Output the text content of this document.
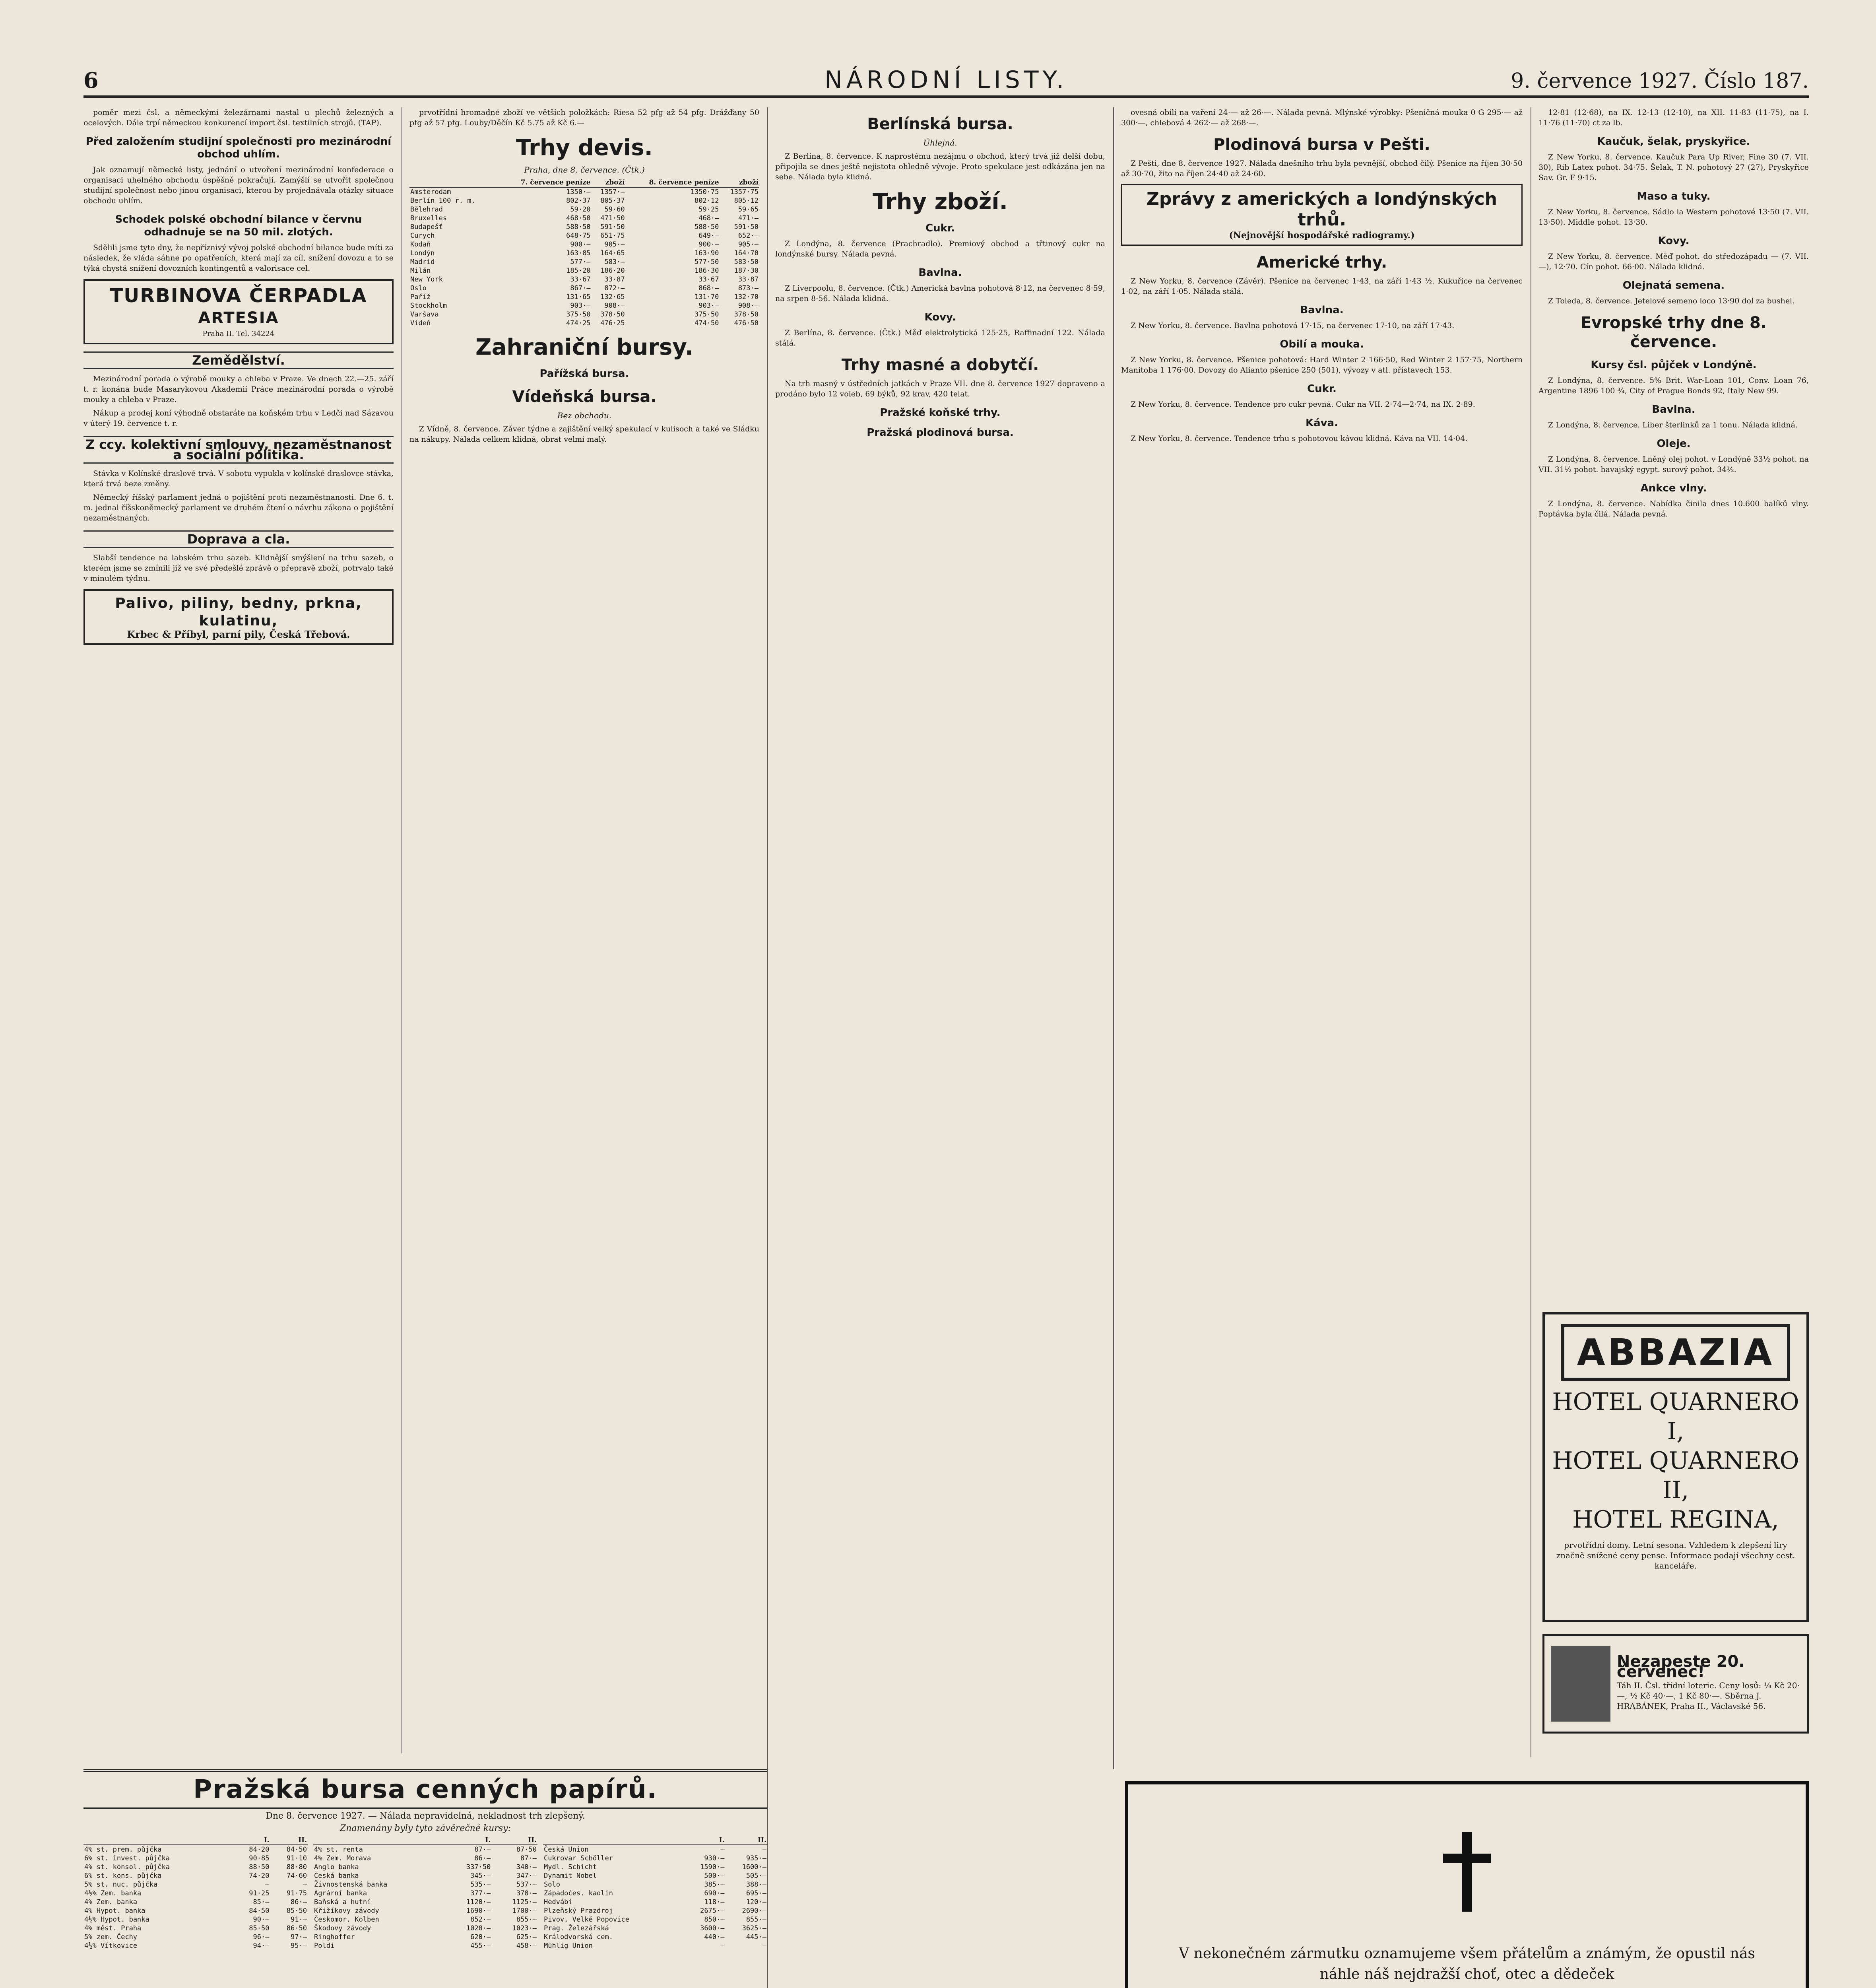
6	NÁRODNÍ LISTY.	9. července 1927. Číslo 187.

poměr mezi čsl. a německými železárnami nastal u plechů železných a ocelových. Dále trpí německou konkurencí import čsl. textilních strojů. (TAP).

Před založením studijní společnosti pro mezinárodní obchod uhlím.

Jak oznamují německé listy, jednání o utvoření mezinárodní konfederace o organisaci uhelného obchodu úspěšně pokračují. Zamýšlí se utvořit společnou studijní společnost nebo jinou organisaci, kterou by projednávala otázky situace obchodu uhlím.

Schodek polské obchodní bilance v červnu odhadnuje se na 50 mil. zlotých.

Sdělili jsme tyto dny, že nepříznivý vývoj polské obchodní bilance bude míti za následek, že vláda sáhne po opatřeních, která mají za cíl, snížení dovozu a to se týká chystá snížení dovozních kontingentů a valorisace cel.

TURBINOVA ČERPADLA
ARTESIA
Praha II. Tel. 34224
Zemědělství.

Mezinárodní porada o výrobě mouky a chleba v Praze. Ve dnech 22.—25. září t. r. konána bude Masarykovou Akademií Práce mezinárodní porada o výrobě mouky a chleba v Praze.

Nákup a prodej koní výhodně obstaráte na koňském trhu v Ledči nad Sázavou v úterý 19. července t. r.

Z ccy. kolektivní smlouvy, nezaměstnanost a sociální politika.

Stávka v Kolínské draslové trvá. V sobotu vypukla v kolínské draslovce stávka, která trvá beze změny.

Německý říšský parlament jedná o pojištění proti nezaměstnanosti. Dne 6. t. m. jednal říšskoněmecký parlament ve druhém čtení o návrhu zákona o pojištění nezaměstnaných.

Doprava a cla.

Slabší tendence na labském trhu sazeb. Klidnější smýšlení na trhu sazeb, o kterém jsme se zmínili již ve své předešlé zprávě o přepravě zboží, potrvalo také v minulém týdnu.

Palivo, piliny, bedny, prkna, kulatinu,
Krbec & Příbyl, parní pily, Česká Třebová.

prvotřídní hromadné zboží ve větších položkách: Riesa 52 pfg až 54 pfg. Drážďany 50 pfg až 57 pfg. Louby/Děčín Kč 5.75 až Kč 6.—

Trhy devis.
Praha, dne 8. července. (Čtk.)
	7. července peníze	zboží	8. července peníze	zboží
Amsterodam	1350·—	1357·—	1350·75	1357·75
Berlín 100 r. m.	802·37	805·37	802·12	805·12
Bělehrad	59·20	59·60	59·25	59·65
Bruxelles	468·50	471·50	468·—	471·—
Budapešť	588·50	591·50	588·50	591·50
Curych	648·75	651·75	649·—	652·—
Kodaň	900·—	905·—	900·—	905·—
Londýn	163·85	164·65	163·90	164·70
Madrid	577·—	583·—	577·50	583·50
Milán	185·20	186·20	186·30	187·30
New York	33·67	33·87	33·67	33·87
Oslo	867·—	872·—	868·—	873·—
Paříž	131·65	132·65	131·70	132·70
Stockholm	903·—	908·—	903·—	908·—
Varšava	375·50	378·50	375·50	378·50
Vídeň	474·25	476·25	474·50	476·50
Zahraniční bursy.
Pařížská bursa.
Vídeňská bursa.
Bez obchodu.

Z Vídně, 8. července. Záver týdne a zajištění velký spekulací v kulisoch a také ve Sládku na nákupy. Nálada celkem klidná, obrat velmi malý.

Berlínská bursa.
Úhlejná.

Z Berlína, 8. července. K naprostému nezájmu o obchod, který trvá již delší dobu, připojila se dnes ještě nejistota ohledně vývoje. Proto spekulace jest odkázána jen na sebe. Nálada byla klidná.

Trhy zboží.
Cukr.

Z Londýna, 8. července (Prachradlo). Premiový obchod a třtinový cukr na londýnské bursy. Nálada pevná.

Bavlna.

Z Liverpoolu, 8. července. (Čtk.) Americká bavlna pohotová 8·12, na červenec 8·59, na srpen 8·56. Nálada klidná.

Kovy.

Z Berlína, 8. července. (Čtk.) Měď elektrolytická 125·25, Raffinadní 122. Nálada stálá.

Trhy masné a dobytčí.

Na trh masný v ústředních jatkách v Praze VII. dne 8. července 1927 dopraveno a prodáno bylo 12 voleb, 69 býků, 92 krav, 420 telat.

Pražské koňské trhy.
Pražská plodinová bursa.

ovesná obilí na vaření 24·— až 26·—. Nálada pevná. Mlýnské výrobky: Pšeničná mouka 0 G 295·— až 300·—, chlebová 4 262·— až 268·—.

Plodinová bursa v Pešti.

Z Pešti, dne 8. července 1927. Nálada dnešního trhu byla pevnější, obchod čilý. Pšenice na říjen 30·50 až 30·70, žito na říjen 24·40 až 24·60.

Zprávy z amerických a londýnských trhů.
(Nejnovější hospodářské radiogramy.)
Americké trhy.

Z New Yorku, 8. července (Závěr). Pšenice na červenec 1·43, na září 1·43 ½. Kukuřice na červenec 1·02, na září 1·05. Nálada stálá.

Bavlna.

Z New Yorku, 8. července. Bavlna pohotová 17·15, na červenec 17·10, na září 17·43.

Obilí a mouka.

Z New Yorku, 8. července. Pšenice pohotová: Hard Winter 2 166·50, Red Winter 2 157·75, Northern Manitoba 1 176·00. Dovozy do Alianto pšenice 250 (501), vývozy v atl. přístavech 153.

Cukr.

Z New Yorku, 8. července. Tendence pro cukr pevná. Cukr na VII. 2·74—2·74, na IX. 2·89.

Káva.

Z New Yorku, 8. července. Tendence trhu s pohotovou kávou klidná. Káva na VII. 14·04.

12·81 (12·68), na IX. 12·13 (12·10), na XII. 11·83 (11·75), na I. 11·76 (11·70) ct za lb.

Kaučuk, šelak, pryskyřice.

Z New Yorku, 8. července. Kaučuk Para Up River, Fine 30 (7. VII. 30), Rib Latex pohot. 34·75. Šelak, T. N. pohotový 27 (27), Pryskyřice Sav. Gr. F 9·15.

Maso a tuky.

Z New Yorku, 8. července. Sádlo la Western pohotové 13·50 (7. VII. 13·50). Middle pohot. 13·30.

Kovy.

Z New Yorku, 8. července. Měď pohot. do středozápadu — (7. VII. —), 12·70. Cín pohot. 66·00. Nálada klidná.

Olejnatá semena.

Z Toleda, 8. července. Jetelové semeno loco 13·90 dol za bushel.

Evropské trhy dne 8. července.
Kursy čsl. půjček v Londýně.

Z Londýna, 8. července. 5% Brit. War-Loan 101, Conv. Loan 76, Argentine 1896 100 ¾, City of Prague Bonds 92, Italy New 99.

Bavlna.

Z Londýna, 8. července. Liber šterlinků za 1 tonu. Nálada klidná.

Oleje.

Z Londýna, 8. července. Lněný olej pohot. v Londýně 33½ pohot. na VII. 31½ pohot. havajský egypt. surový pohot. 34½.

Ankce vlny.

Z Londýna, 8. července. Nabídka činila dnes 10.600 balíků vlny. Poptávka byla čilá. Nálada pevná.

ABBAZIA
HOTEL QUARNERO I,
HOTEL QUARNERO II,
HOTEL REGINA,
prvotřídní domy. Letní sesona. Vzhledem k zlepšení liry značně snížené ceny pense. Informace podají všechny cest. kanceláře.
Nezapeste 20. červenec!
Táh II. Čsl. třídní loterie. Ceny losů: ¼ Kč 20·—, ½ Kč 40·—, 1 Kč 80·—. Sběrna J. HRABÁNEK, Praha II., Václavské 56.
Pražská bursa cenných papírů.
Dne 8. července 1927. — Nálada nepravidelná, nekladnost trh zlepšený.
Znamenány byly tyto závěrečné kursy:
	I.	II.
4% st. prem. půjčka	84·20	84·50
6% st. invest. půjčka	90·85	91·10
4% st. konsol. půjčka	88·50	88·80
6% st. kons. půjčka	74·20	74·60
5% st. nuc. půjčka	—	—
4½% Zem. banka	91·25	91·75
4% Zem. banka	85·—	86·—
4% Hypot. banka	84·50	85·50
4½% Hypot. banka	90·—	91·—
4% měst. Praha	85·50	86·50
5% zem. Čechy	96·—	97·—
4½% Vítkovice	94·—	95·—
	I.	II.
4% st. renta	87·—	87·50
4% Zem. Morava	86·—	87·—
Anglo banka	337·50	340·—
Česká banka	345·—	347·—
Živnostenská banka	535·—	537·—
Agrární banka	377·—	378·—
Baňská a hutní	1120·—	1125·—
Křižíkovy závody	1690·—	1700·—
Českomor. Kolben	852·—	855·—
Škodovy závody	1020·—	1023·—
Ringhoffer	620·—	625·—
Poldi	455·—	458·—
	I.	II.
Česká Union	—	—
Cukrovar Schöller	930·—	935·—
Mydl. Schicht	1590·—	1600·—
Dynamit Nobel	500·—	505·—
Solo	385·—	388·—
Západočes. kaolin	690·—	695·—
Hedvábí	118·—	120·—
Plzeňský Prazdroj	2675·—	2690·—
Pivov. Velké Popovice	850·—	855·—
Prag. Železářská	3600·—	3625·—
Králodvorská cem.	440·—	445·—
Mühlig Union	—	—	V nekonečném zármutku oznamujeme všem přátelům a známým, že opustil nás náhle náš nejdražší choť, otec a dědeček
